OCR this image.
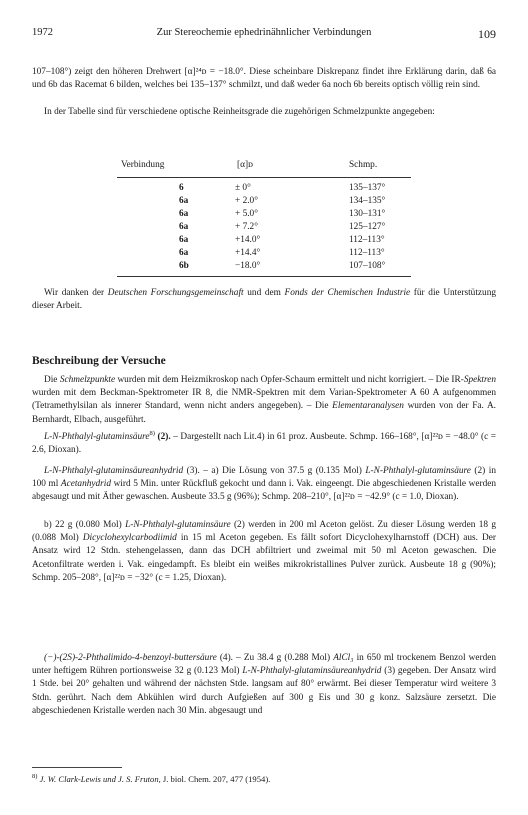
1972	Zur Stereochemie ephedrinähnlicher Verbindungen	109

107–108°) zeigt den höheren Drehwert [α]²⁴ᴅ = −18.0°. Diese scheinbare Diskrepanz findet ihre Erklärung darin, daß 6a und 6b das Racemat 6 bilden, welches bei 135–137° schmilzt, und daß weder 6a noch 6b bereits optisch völlig rein sind.

In der Tabelle sind für verschiedene optische Reinheitsgrade die zugehörigen Schmelzpunkte angegeben:

Verbindung	[α]ᴅ	Schmp.
6	± 0°	135–137°
6a	+ 2.0°	134–135°
6a	+ 5.0°	130–131°
6a	+ 7.2°	125–127°
6a	+14.0°	112–113°
6a	+14.4°	112–113°
6b	−18.0°	107–108°

Wir danken der Deutschen Forschungsgemeinschaft und dem Fonds der Chemischen Industrie für die Unterstützung dieser Arbeit.

Beschreibung der Versuche

Die Schmelzpunkte wurden mit dem Heizmikroskop nach Opfer-Schaum ermittelt und nicht korrigiert. – Die IR-Spektren wurden mit dem Beckman-Spektrometer IR 8, die NMR-Spektren mit dem Varian-Spektrometer A 60 A aufgenommen (Tetramethylsilan als innerer Standard, wenn nicht anders angegeben). – Die Elementaranalysen wurden von der Fa. A. Bernhardt, Elbach, ausgeführt.

L-N-Phthalyl-glutaminsäure$^{8)}$ (2). – Dargestellt nach Lit.4) in 61 proz. Ausbeute. Schmp. 166–168°, [α]²²ᴅ = −48.0° (c = 2.6, Dioxan).

L-N-Phthalyl-glutaminsäureanhydrid (3). – a) Die Lösung von 37.5 g (0.135 Mol) L-N-Phthalyl-glutaminsäure (2) in 100 ml Acetanhydrid wird 5 Min. unter Rückfluß gekocht und dann i. Vak. eingeengt. Die abgeschiedenen Kristalle werden abgesaugt und mit Äther gewaschen. Ausbeute 33.5 g (96%); Schmp. 208–210°, [α]²²ᴅ = −42.9° (c = 1.0, Dioxan).

b) 22 g (0.080 Mol) L-N-Phthalyl-glutaminsäure (2) werden in 200 ml Aceton gelöst. Zu dieser Lösung werden 18 g (0.088 Mol) Dicyclohexylcarbodiimid in 15 ml Aceton gegeben. Es fällt sofort Dicyclohexylharnstoff (DCH) aus. Der Ansatz wird 12 Stdn. stehengelassen, dann das DCH abfiltriert und zweimal mit 50 ml Aceton gewaschen. Die Acetonfiltrate werden i. Vak. eingedampft. Es bleibt ein weißes mikrokristallines Pulver zurück. Ausbeute 18 g (90%); Schmp. 205–208°, [α]²²ᴅ = −32° (c = 1.25, Dioxan).

(−)-(2S)-2-Phthalimido-4-benzoyl-buttersäure (4). – Zu 38.4 g (0.288 Mol) AlCl₃ in 650 ml trockenem Benzol werden unter heftigem Rühren portionsweise 32 g (0.123 Mol) L-N-Phthalyl-glutaminsäureanhydrid (3) gegeben. Der Ansatz wird 1 Stde. bei 20° gehalten und während der nächsten Stde. langsam auf 80° erwärmt. Bei dieser Temperatur wird weitere 3 Stdn. gerührt. Nach dem Abkühlen wird durch Aufgießen auf 300 g Eis und 30 g konz. Salzsäure zersetzt. Die abgeschiedenen Kristalle werden nach 30 Min. abgesaugt und

$^{8)}$ J. W. Clark-Lewis und J. S. Fruton, J. biol. Chem. 207, 477 (1954).
